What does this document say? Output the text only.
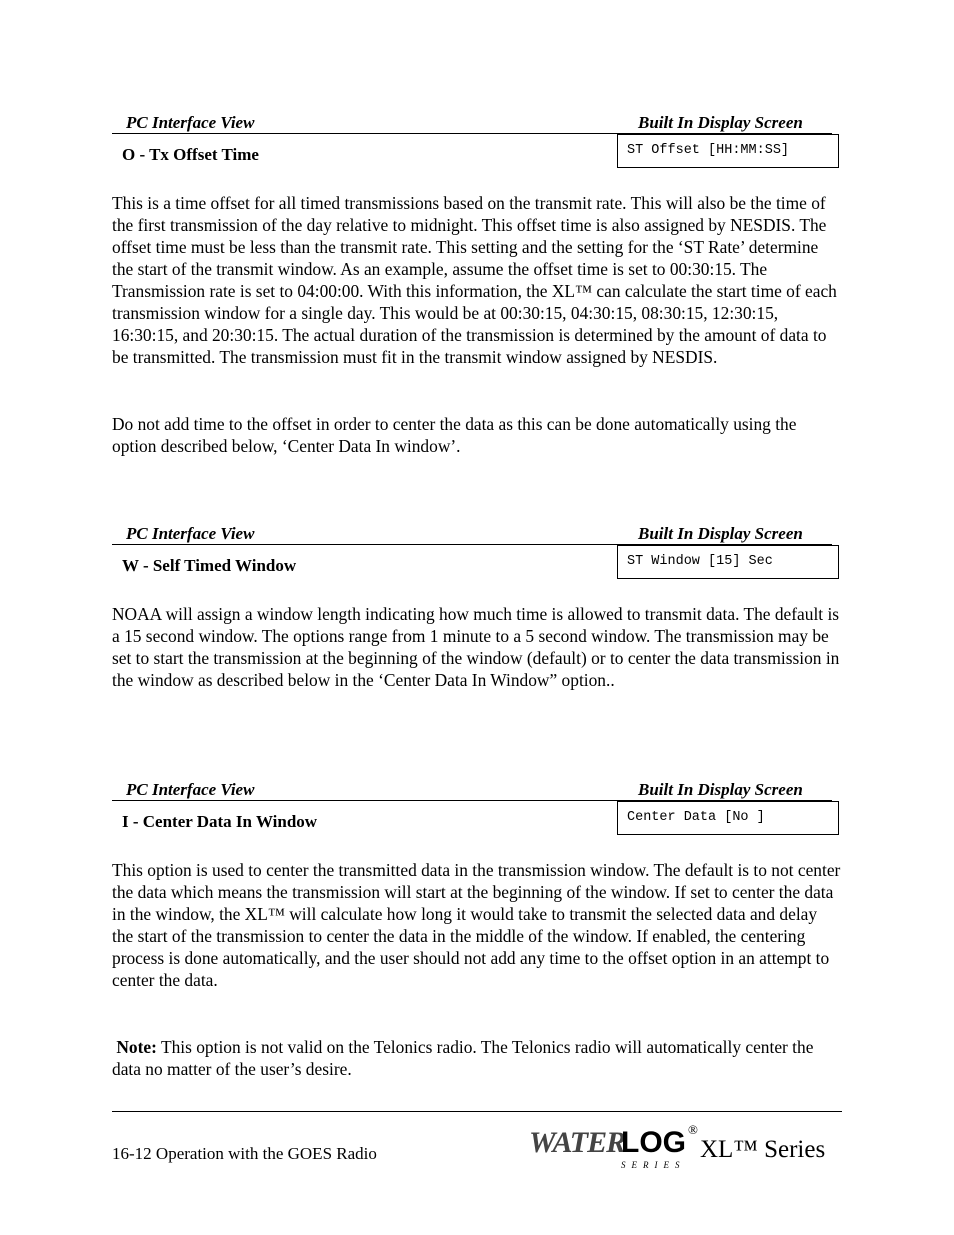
PC Interface View	Built In Display Screen
O - Tx Offset Time	ST Offset [HH:MM:SS]

This is a time offset for all timed transmissions based on the transmit rate. This will also be the time of the first transmission of the day relative to midnight. This offset time is also assigned by NESDIS. The offset time must be less than the transmit rate. This setting and the setting for the ‘ST Rate’ determine the start of the transmit window. As an example, assume the offset time is set to 00:30:15. The Transmission rate is set to 04:00:00. With this information, the XL™ can calculate the start time of each transmission window for a single day. This would be at 00:30:15, 04:30:15, 08:30:15, 12:30:15, 16:30:15, and 20:30:15. The actual duration of the transmission is determined by the amount of data to be transmitted. The transmission must fit in the transmit window assigned by NESDIS.

Do not add time to the offset in order to center the data as this can be done automatically using the option described below, ‘Center Data In window’.

PC Interface View	Built In Display Screen
W - Self Timed Window	ST Window [15] Sec

NOAA will assign a window length indicating how much time is allowed to transmit data. The default is a 15 second window. The options range from 1 minute to a 5 second window. The transmission may be set to start the transmission at the beginning of the window (default) or to center the data transmission in the window as described below in the ‘Center Data In Window” option..

PC Interface View	Built In Display Screen
I - Center Data In Window	Center Data [No ]

This option is used to center the transmitted data in the transmission window. The default is to not center the data which means the transmission will start at the beginning of the window. If set to center the data in the window, the XL™ will calculate how long it would take to transmit the selected data and delay the start of the transmission to center the data in the middle of the window. If enabled, the centering process is done automatically, and the user should not add any time to the offset option in an attempt to center the data.

Note: This option is not valid on the Telonics radio. The Telonics radio will automatically center the data no matter of the user’s desire.

16-12 Operation with the GOES Radio	WATER
LOG ®
SERIES
XL™ Series
